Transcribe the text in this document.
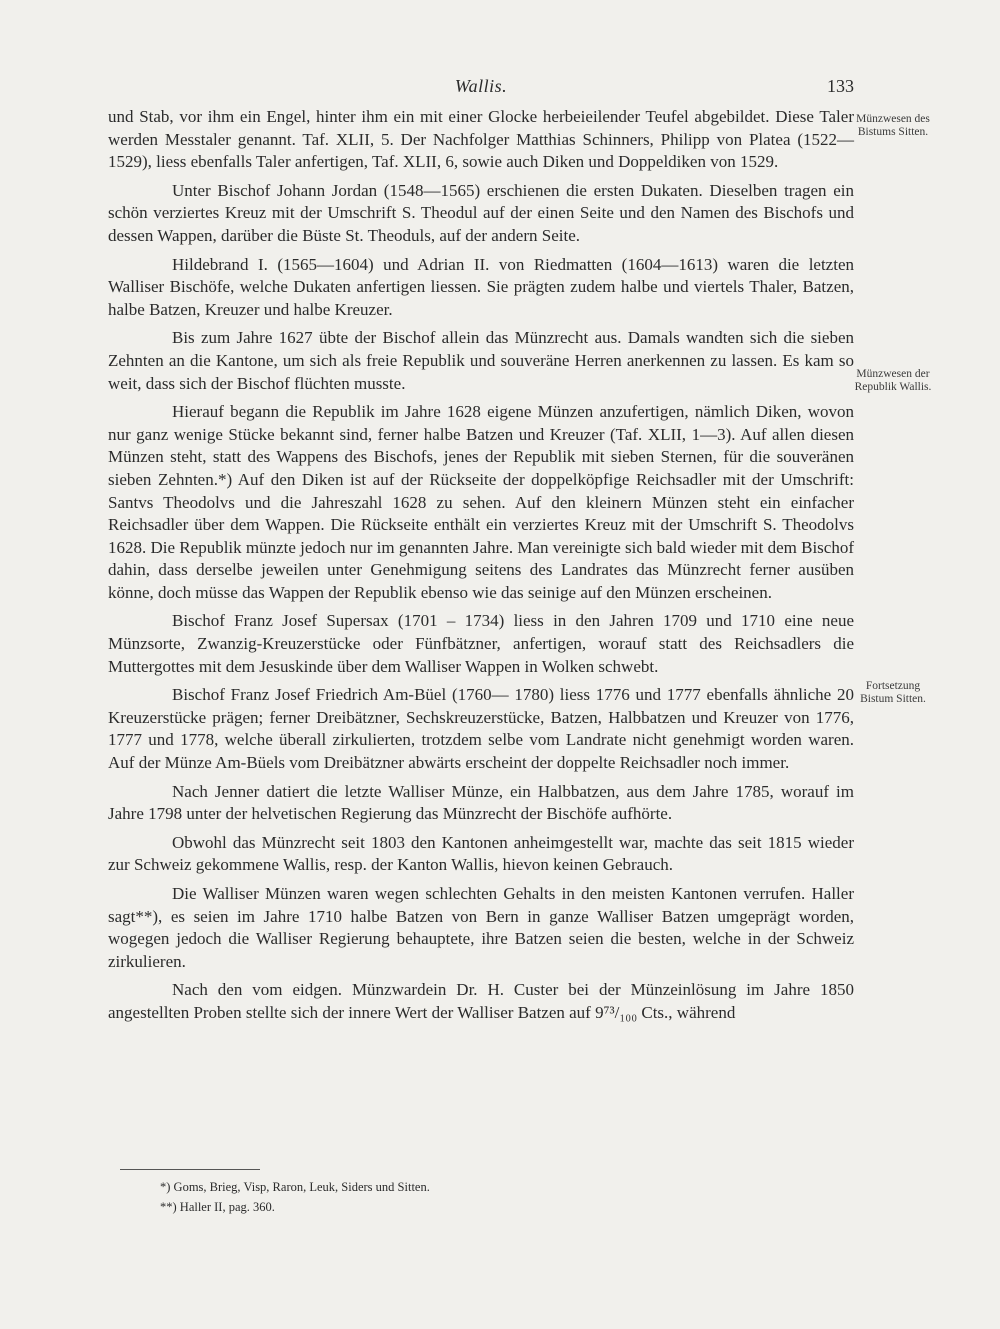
Wallis.	133
Münzwesen des Bistums Sitten.
Münzwesen der Republik Wallis.
Fortsetzung Bistum Sitten.

und Stab, vor ihm ein Engel, hinter ihm ein mit einer Glocke herbeieilender Teufel abgebildet. Diese Taler werden Messtaler genannt. Taf. XLII, 5. Der Nachfolger Matthias Schinners, Philipp von Platea (1522—1529), liess ebenfalls Taler anfertigen, Taf. XLII, 6, sowie auch Diken und Doppeldiken von 1529.

Unter Bischof Johann Jordan (1548—1565) erschienen die ersten Dukaten. Dieselben tragen ein schön verziertes Kreuz mit der Umschrift S. Theodul auf der einen Seite und den Namen des Bischofs und dessen Wappen, darüber die Büste St. Theoduls, auf der andern Seite.

Hildebrand I. (1565—1604) und Adrian II. von Riedmatten (1604—1613) waren die letzten Walliser Bischöfe, welche Dukaten anfertigen liessen. Sie prägten zudem halbe und viertels Thaler, Batzen, halbe Batzen, Kreuzer und halbe Kreuzer.

Bis zum Jahre 1627 übte der Bischof allein das Münzrecht aus. Damals wandten sich die sieben Zehnten an die Kantone, um sich als freie Republik und souveräne Herren anerkennen zu lassen. Es kam so weit, dass sich der Bischof flüchten musste.

Hierauf begann die Republik im Jahre 1628 eigene Münzen anzufertigen, nämlich Diken, wovon nur ganz wenige Stücke bekannt sind, ferner halbe Batzen und Kreuzer (Taf. XLII, 1—3). Auf allen diesen Münzen steht, statt des Wappens des Bischofs, jenes der Republik mit sieben Sternen, für die souveränen sieben Zehnten.*) Auf den Diken ist auf der Rückseite der doppelköpfige Reichsadler mit der Umschrift: Santvs Theodolvs und die Jahreszahl 1628 zu sehen. Auf den kleinern Münzen steht ein einfacher Reichsadler über dem Wappen. Die Rückseite enthält ein verziertes Kreuz mit der Umschrift S. Theodolvs 1628. Die Republik münzte jedoch nur im genannten Jahre. Man vereinigte sich bald wieder mit dem Bischof dahin, dass derselbe jeweilen unter Genehmigung seitens des Landrates das Münzrecht ferner ausüben könne, doch müsse das Wappen der Republik ebenso wie das seinige auf den Münzen erscheinen.

Bischof Franz Josef Supersax (1701 – 1734) liess in den Jahren 1709 und 1710 eine neue Münzsorte, Zwanzig-Kreuzerstücke oder Fünfbätzner, anfertigen, worauf statt des Reichsadlers die Muttergottes mit dem Jesuskinde über dem Walliser Wappen in Wolken schwebt.

Bischof Franz Josef Friedrich Am-Büel (1760— 1780) liess 1776 und 1777 ebenfalls ähnliche 20 Kreuzerstücke prägen; ferner Dreibätzner, Sechskreuzerstücke, Batzen, Halbbatzen und Kreuzer von 1776, 1777 und 1778, welche überall zirkulierten, trotzdem selbe vom Landrate nicht genehmigt worden waren. Auf der Münze Am-Büels vom Dreibätzner abwärts erscheint der doppelte Reichsadler noch immer.

Nach Jenner datiert die letzte Walliser Münze, ein Halbbatzen, aus dem Jahre 1785, worauf im Jahre 1798 unter der helvetischen Regierung das Münzrecht der Bischöfe aufhörte.

Obwohl das Münzrecht seit 1803 den Kantonen anheimgestellt war, machte das seit 1815 wieder zur Schweiz gekommene Wallis, resp. der Kanton Wallis, hievon keinen Gebrauch.

Die Walliser Münzen waren wegen schlechten Gehalts in den meisten Kantonen verrufen. Haller sagt**), es seien im Jahre 1710 halbe Batzen von Bern in ganze Walliser Batzen umgeprägt worden, wogegen jedoch die Walliser Regierung behauptete, ihre Batzen seien die besten, welche in der Schweiz zirkulieren.

Nach den vom eidgen. Münzwardein Dr. H. Custer bei der Münzeinlösung im Jahre 1850 angestellten Proben stellte sich der innere Wert der Walliser Batzen auf 9⁷³/₁₀₀ Cts., während

*) Goms, Brieg, Visp, Raron, Leuk, Siders und Sitten.
**) Haller II, pag. 360.
